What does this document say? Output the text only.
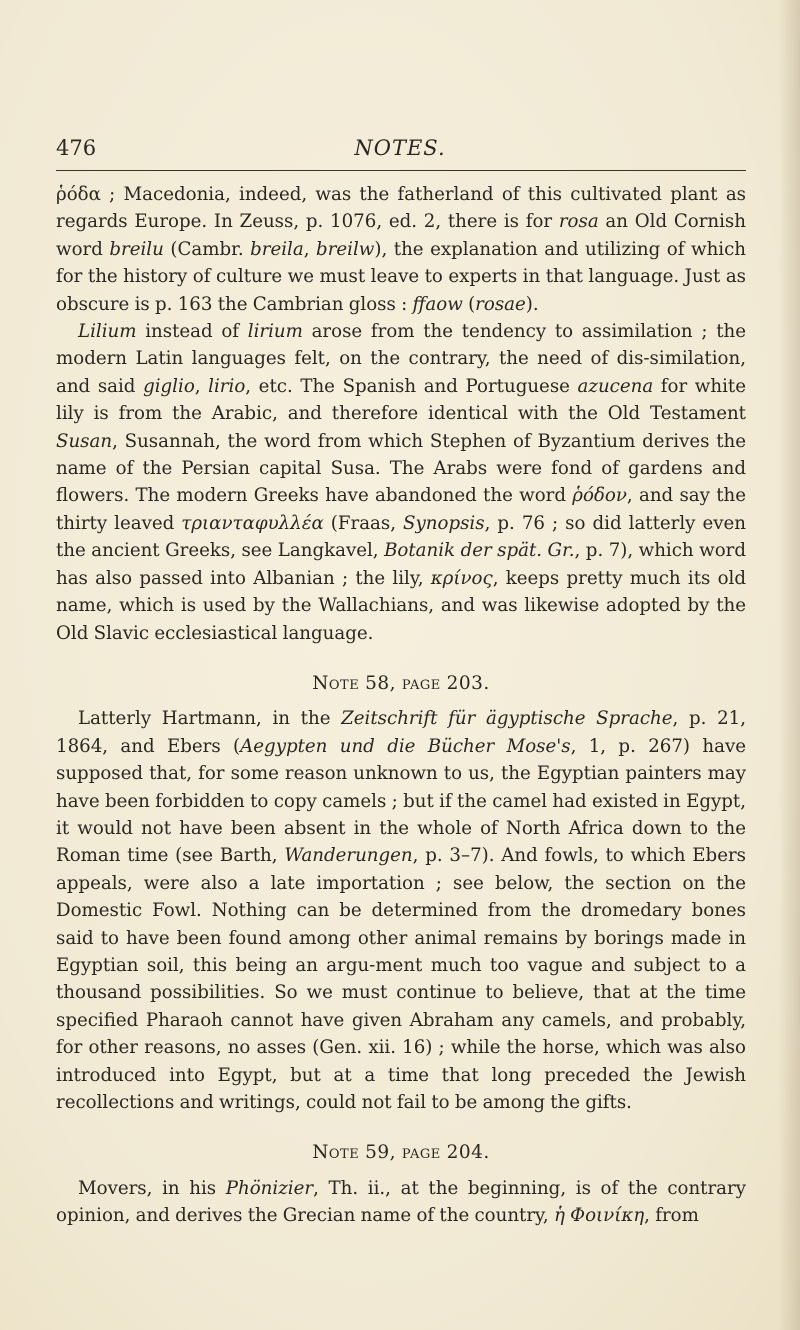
476	NOTES.

ῥόδα ; Macedonia, indeed, was the fatherland of this cultivated plant as regards Europe. In Zeuss, p. 1076, ed. 2, there is for rosa an Old Cornish word breilu (Cambr. breila, breilw), the explanation and utilizing of which for the history of culture we must leave to experts in that language. Just as obscure is p. 163 the Cambrian gloss : ffaow (rosae).

Lilium instead of lirium arose from the tendency to assimilation ; the modern Latin languages felt, on the contrary, the need of dis-similation, and said giglio, lirio, etc. The Spanish and Portuguese azucena for white lily is from the Arabic, and therefore identical with the Old Testament Susan, Susannah, the word from which Stephen of Byzantium derives the name of the Persian capital Susa. The Arabs were fond of gardens and flowers. The modern Greeks have abandoned the word ῥόδον, and say the thirty leaved τριανταφυλλέα (Fraas, Synopsis, p. 76 ; so did latterly even the ancient Greeks, see Langkavel, Botanik der spät. Gr., p. 7), which word has also passed into Albanian ; the lily, κρίνος, keeps pretty much its old name, which is used by the Wallachians, and was likewise adopted by the Old Slavic ecclesiastical language.

Note 58, page 203.

Latterly Hartmann, in the Zeitschrift für ägyptische Sprache, p. 21, 1864, and Ebers (Aegypten und die Bücher Mose's, 1, p. 267) have supposed that, for some reason unknown to us, the Egyptian painters may have been forbidden to copy camels ; but if the camel had existed in Egypt, it would not have been absent in the whole of North Africa down to the Roman time (see Barth, Wanderungen, p. 3–7). And fowls, to which Ebers appeals, were also a late importation ; see below, the section on the Domestic Fowl. Nothing can be determined from the dromedary bones said to have been found among other animal remains by borings made in Egyptian soil, this being an argu-ment much too vague and subject to a thousand possibilities. So we must continue to believe, that at the time specified Pharaoh cannot have given Abraham any camels, and probably, for other reasons, no asses (Gen. xii. 16) ; while the horse, which was also introduced into Egypt, but at a time that long preceded the Jewish recollections and writings, could not fail to be among the gifts.

Note 59, page 204.

Movers, in his Phönizier, Th. ii., at the beginning, is of the contrary opinion, and derives the Grecian name of the country, ἡ Φοινίκη, from
